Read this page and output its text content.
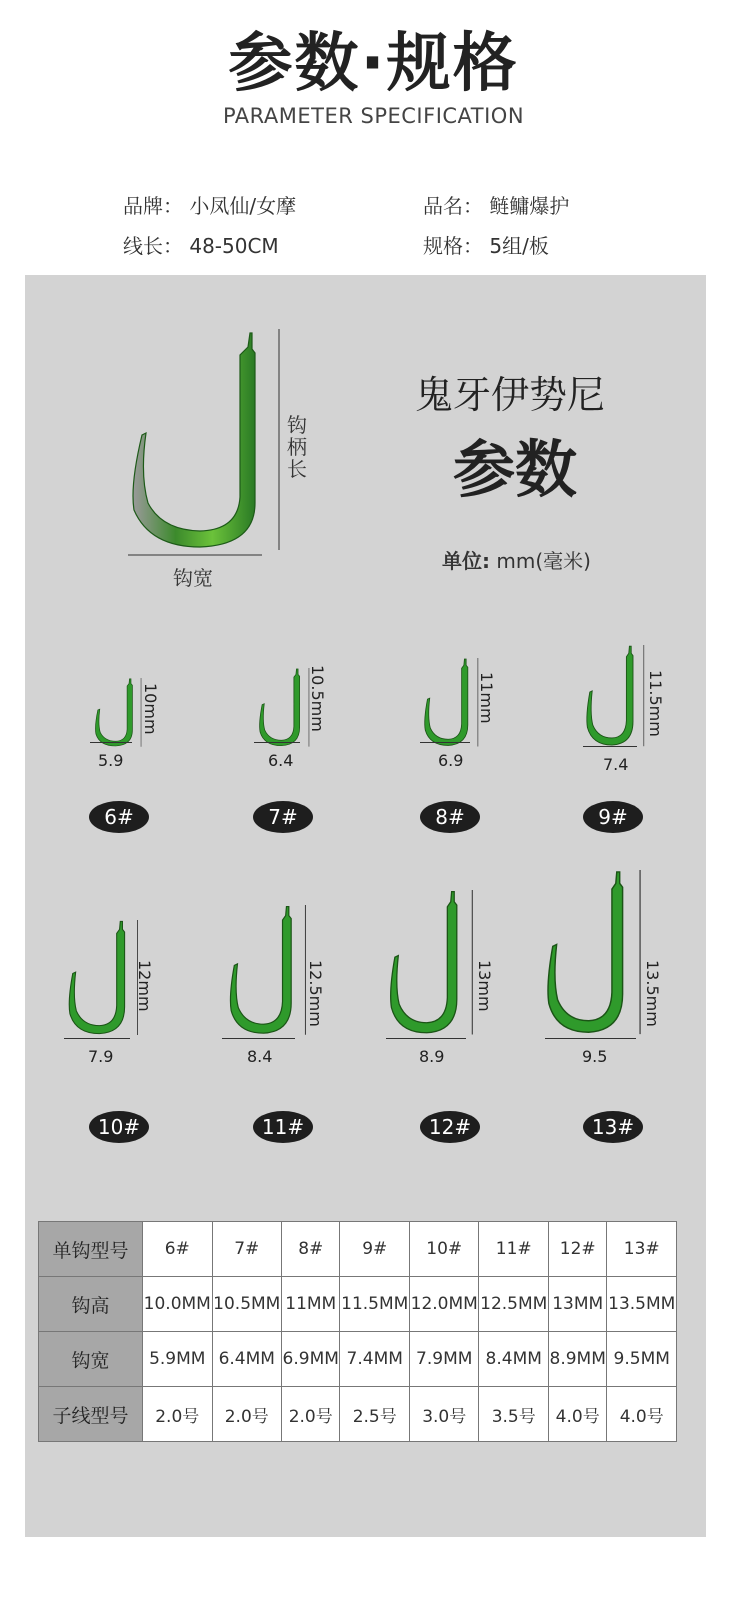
参数·规格
PARAMETER SPECIFICATION
品牌： 小凤仙/女摩	品名： 鲢鳙爆护
线长： 48-50CM	规格： 5组/板
钩宽
钩柄长
鬼牙伊势尼
参数
单位: mm(毫米)
5.9
10mm
6.4
10.5mm
6.9
11mm
7.4
11.5mm
7.9
12mm
8.4
12.5mm
8.9
13mm
9.5
13.5mm
6#	7#	8#	9#
10#	11#	12#	13#
单钩型号	6#	7#	8#	9#	10#	11#	12#	13#
钩高	10.0MM	10.5MM	11MM	11.5MM	12.0MM	12.5MM	13MM	13.5MM
钩宽	5.9MM	6.4MM	6.9MM	7.4MM	7.9MM	8.4MM	8.9MM	9.5MM
子线型号	2.0号	2.0号	2.0号	2.5号	3.0号	3.5号	4.0号	4.0号
